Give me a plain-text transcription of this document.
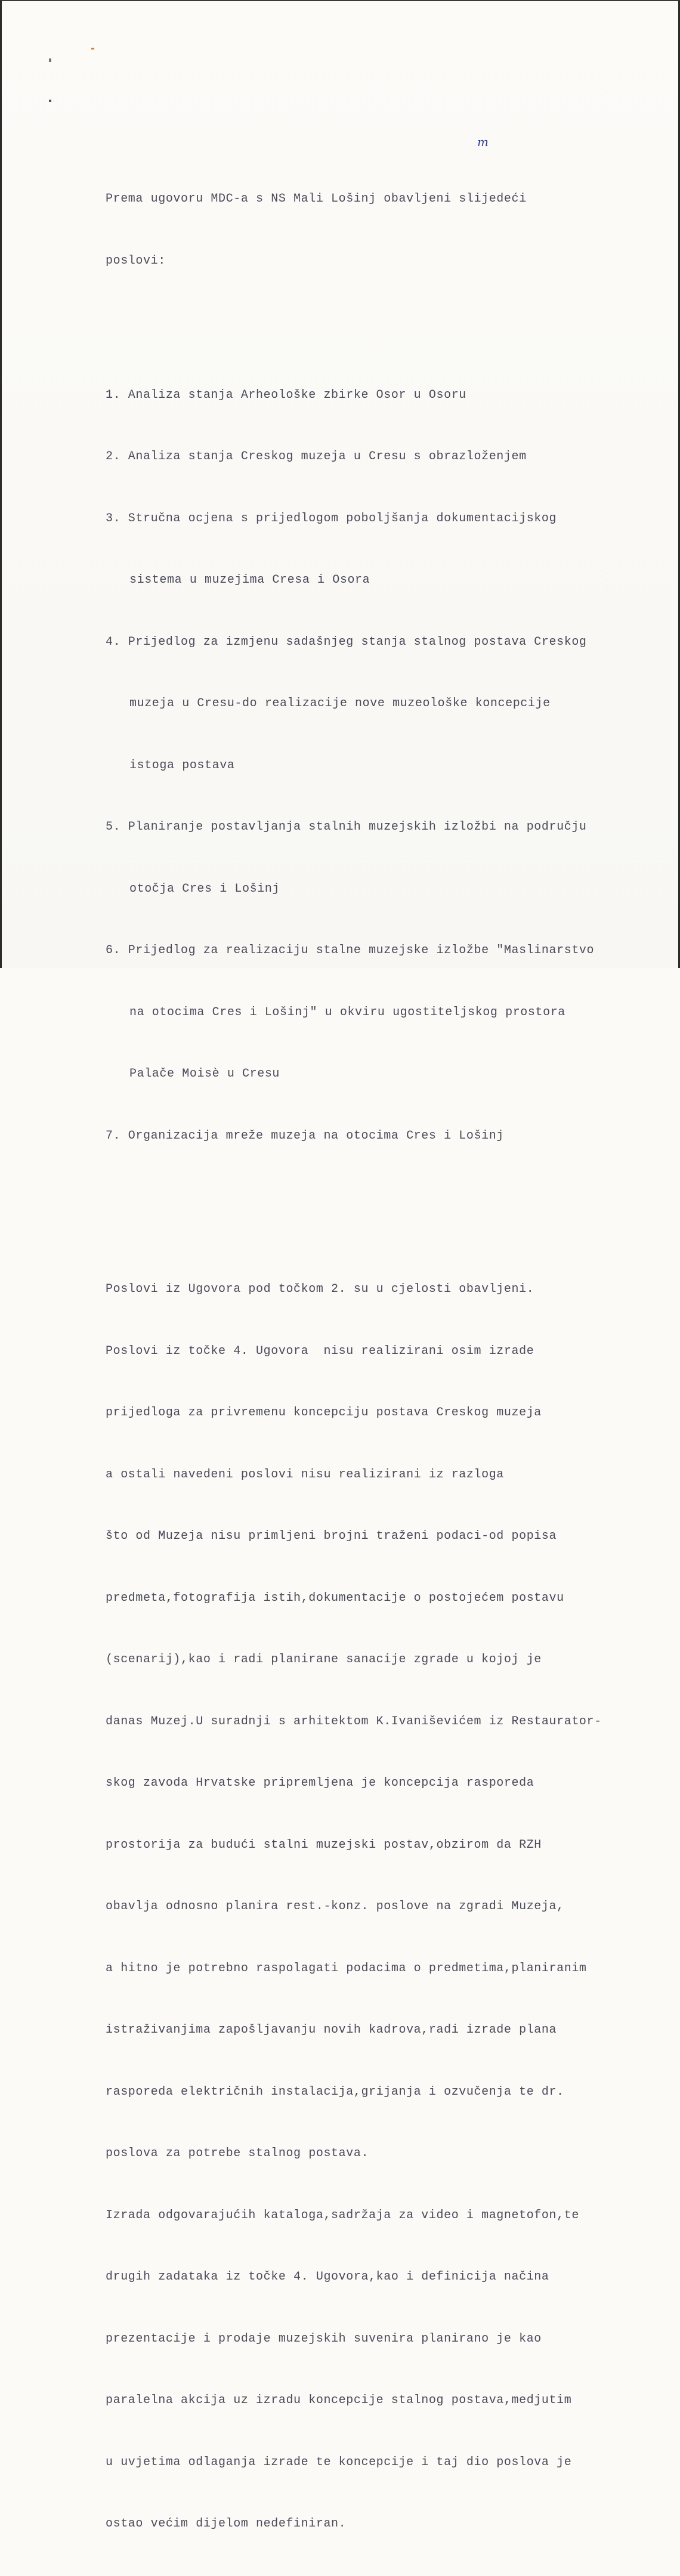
m

Prema ugovoru MDC-a s NS Mali Lošinj obavljeni slijedeći

poslovi:

1. Analiza stanja Arheološke zbirke Osor u Osoru

2. Analiza stanja Creskog muzeja u Cresu s obrazloženjem

3. Stručna ocjena s prijedlogom poboljšanja dokumentacijskog

sistema u muzejima Cresa i Osora

4. Prijedlog za izmjenu sadašnjeg stanja stalnog postava Creskog

muzeja u Cresu-do realizacije nove muzeološke koncepcije

istoga postava

5. Planiranje postavljanja stalnih muzejskih izložbi na području

otočja Cres i Lošinj

6. Prijedlog za realizaciju stalne muzejske izložbe "Maslinarstvo

na otocima Cres i Lošinj" u okviru ugostiteljskog prostora

Palače Moisè u Cresu

7. Organizacija mreže muzeja na otocima Cres i Lošinj

Poslovi iz Ugovora pod točkom 2. su u cjelosti obavljeni.

Poslovi iz točke 4. Ugovora  nisu realizirani osim izrade

prijedloga za privremenu koncepciju postava Creskog muzeja

a ostali navedeni poslovi nisu realizirani iz razloga

što od Muzeja nisu primljeni brojni traženi podaci-od popisa

predmeta,fotografija istih,dokumentacije o postojećem postavu

(scenarij),kao i radi planirane sanacije zgrade u kojoj je

danas Muzej.U suradnji s arhitektom K.Ivaniševićem iz Restaurator-

skog zavoda Hrvatske pripremljena je koncepcija rasporeda

prostorija za budući stalni muzejski postav,obzirom da RZH

obavlja odnosno planira rest.-konz. poslove na zgradi Muzeja,

a hitno je potrebno raspolagati podacima o predmetima,planiranim

istraživanjima zapošljavanju novih kadrova,radi izrade plana

rasporeda električnih instalacija,grijanja i ozvučenja te dr.

poslova za potrebe stalnog postava.

Izrada odgovarajućih kataloga,sadržaja za video i magnetofon,te

drugih zadataka iz točke 4. Ugovora,kao i definicija načina

prezentacije i prodaje muzejskih suvenira planirano je kao

paralelna akcija uz izradu koncepcije stalnog postava,medjutim

u uvjetima odlaganja izrade te koncepcije i taj dio poslova je

ostao većim dijelom nedefiniran.
